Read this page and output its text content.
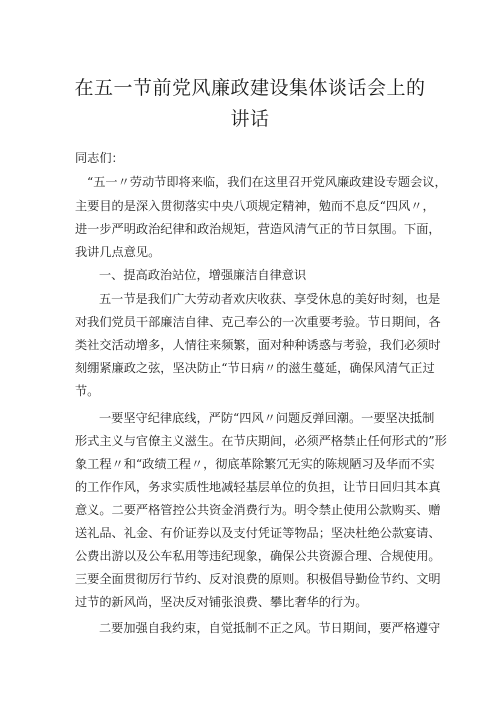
在五一节前党风廉政建设集体谈话会上的
讲话
同志们：
“五一〃劳动节即将来临，我们在这里召开党风廉政建设专题会议，
主要目的是深入贯彻落实中央八项规定精神，勉而不息反“四风〃，
进一步严明政治纪律和政治规矩，营造风清气正的节日氛围。下面，
我讲几点意见。
一、提高政治站位，增强廉洁自律意识
五一节是我们广大劳动者欢庆收获、享受休息的美好时刻，也是
对我们党员干部廉洁自律、克己奉公的一次重要考验。节日期间，各
类社交活动增多，人情往来频繁，面对种种诱惑与考验，我们必须时
刻绷紧廉政之弦，坚决防止“节日病〃的滋生蔓延，确保风清气正过
节。
一要坚守纪律底线，严防“四风〃问题反弹回潮。一要坚决抵制
形式主义与官僚主义滋生。在节庆期间，必须严格禁止任何形式的”形
象工程〃和“政绩工程〃，彻底革除繁冗无实的陈规陋习及华而不实
的工作作风，务求实质性地减轻基层单位的负担，让节日回归其本真
意义。二要严格管控公共资金消费行为。明令禁止使用公款购买、赠
送礼品、礼金、有价证券以及支付凭证等物品；坚决杜绝公款宴请、
公费出游以及公车私用等违纪现象，确保公共资源合理、合规使用。
三要全面贯彻厉行节约、反对浪费的原则。积极倡导勤俭节约、文明
过节的新风尚，坚决反对铺张浪费、攀比奢华的行为。
二要加强自我约束，自觉抵制不正之风。节日期间，要严格遵守
